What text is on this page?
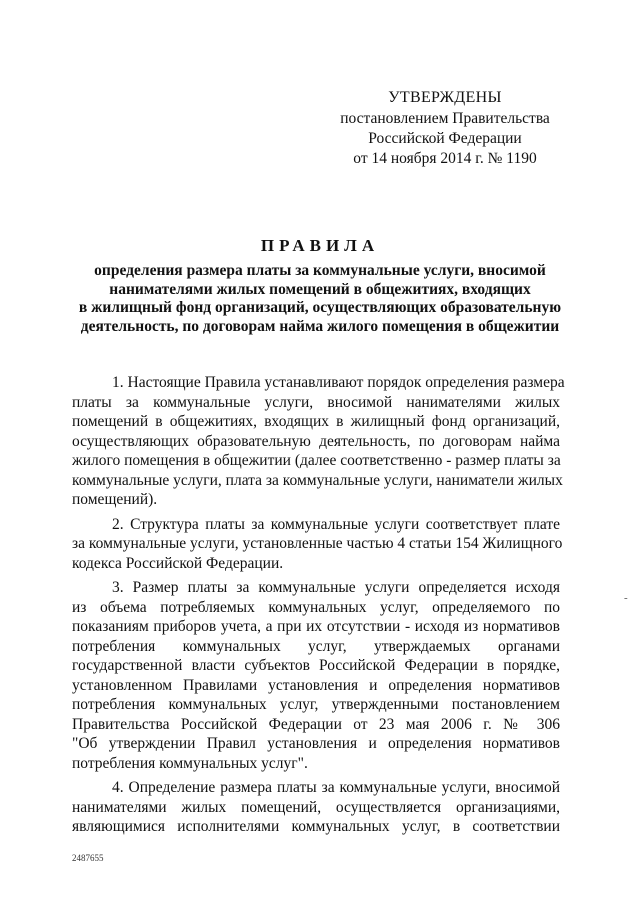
УТВЕРЖДЕНЫ
постановлением Правительства
Российской Федерации
от 14 ноября 2014 г. № 1190
ПРАВИЛА
определения размера платы за коммунальные услуги, вносимой
нанимателями жилых помещений в общежитиях, входящих
в жилищный фонд организаций, осуществляющих образовательную
деятельность, по договорам найма жилого помещения в общежитии
1. Настоящие Правила устанавливают порядок определения размера
платы за коммунальные услуги, вносимой нанимателями жилых
помещений в общежитиях, входящих в жилищный фонд организаций,
осуществляющих образовательную деятельность, по договорам найма
жилого помещения в общежитии (далее соответственно - размер платы за
коммунальные услуги, плата за коммунальные услуги, наниматели жилых
помещений).
2. Структура платы за коммунальные услуги соответствует плате
за коммунальные услуги, установленные частью 4 статьи 154 Жилищного
кодекса Российской Федерации.
3. Размер платы за коммунальные услуги определяется исходя
из объема потребляемых коммунальных услуг, определяемого по
показаниям приборов учета, а при их отсутствии - исходя из нормативов
потребления коммунальных услуг, утверждаемых органами
государственной власти субъектов Российской Федерации в порядке,
установленном Правилами установления и определения нормативов
потребления коммунальных услуг, утвержденными постановлением
Правительства Российской Федерации от 23 мая 2006 г. № 306
"Об утверждении Правил установления и определения нормативов
потребления коммунальных услуг".
4. Определение размера платы за коммунальные услуги, вносимой
нанимателями жилых помещений, осуществляется организациями,
являющимися исполнителями коммунальных услуг, в соответствии
-
2487655
